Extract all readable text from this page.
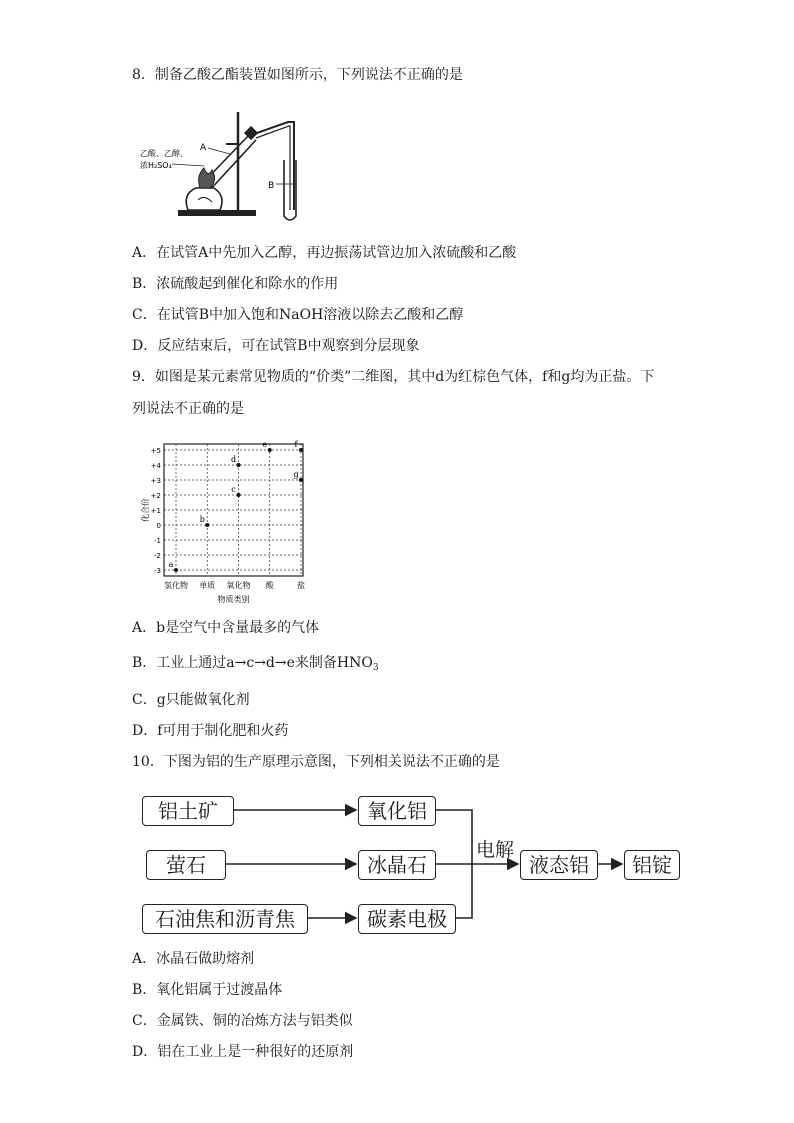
8．制备乙酸乙酯装置如图所示，下列说法不正确的是
A
乙酸、乙醇、
浓H₂SO₄
B
A．在试管A中先加入乙醇，再边振荡试管边加入浓硫酸和乙酸
B．浓硫酸起到催化和除水的作用
C．在试管B中加入饱和NaOH溶液以除去乙酸和乙醇
D．反应结束后，可在试管B中观察到分层现象
9．如图是某元素常见物质的“价类”二维图，其中d为红棕色气体，f和g均为正盐。下
列说法不正确的是
+5
+4
+3
+2
+1
0
-1
-2
-3
氢化物 单质 氧化物 酸	盐
化合价
物质类别
a
b
c
d
e	f
g
A．b是空气中含量最多的气体
B．工业上通过a→c→d→e来制备$HNO_3$
C．g只能做氧化剂
D．f可用于制化肥和火药
10．下图为铝的生产原理示意图，下列相关说法不正确的是
铝土矿
萤石
石油焦和沥青焦
氧化铝
冰晶石
碳素电极
电解
液态铝	铝锭
A．冰晶石做助熔剂
B．氧化铝属于过渡晶体
C．金属铁、铜的冶炼方法与铝类似
D．铝在工业上是一种很好的还原剂
